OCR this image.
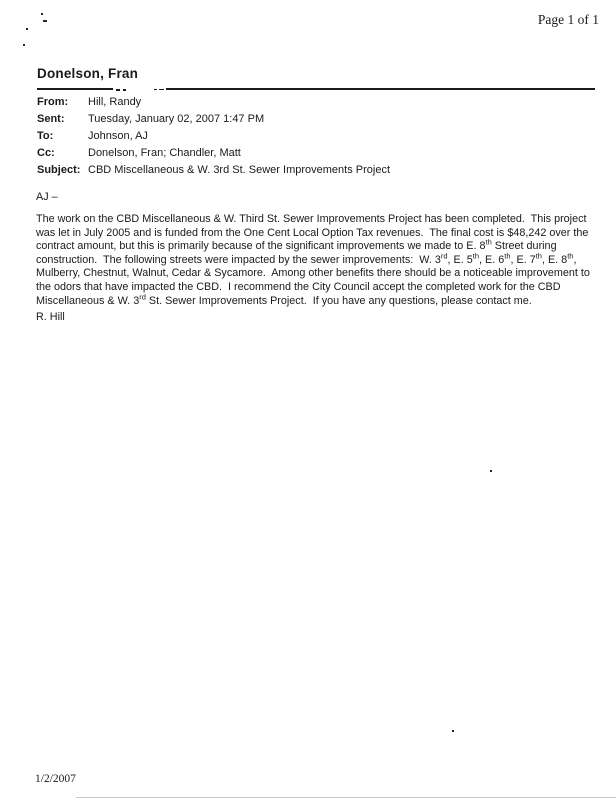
Page 1 of 1
Donelson, Fran
From:	Hill, Randy
Sent:	Tuesday, January 02, 2007 1:47 PM
To:	Johnson, AJ
Cc:	Donelson, Fran; Chandler, Matt
Subject: CBD Miscellaneous & W. 3rd St. Sewer Improvements Project
AJ –
The work on the CBD Miscellaneous & W. Third St. Sewer Improvements Project has been completed.  This project was let in July 2005 and is funded from the One Cent Local Option Tax revenues.  The final cost is $48,242 over the contract amount, but this is primarily because of the significant improvements we made to E. 8th Street during construction.  The following streets were impacted by the sewer improvements:  W. 3rd, E. 5th, E. 6th, E. 7th, E. 8th, Mulberry, Chestnut, Walnut, Cedar & Sycamore.  Among other benefits there should be a noticeable improvement to the odors that have impacted the CBD.  I recommend the City Council accept the completed work for the CBD Miscellaneous & W. 3rd St. Sewer Improvements Project.  If you have any questions, please contact me.
R. Hill
1/2/2007
